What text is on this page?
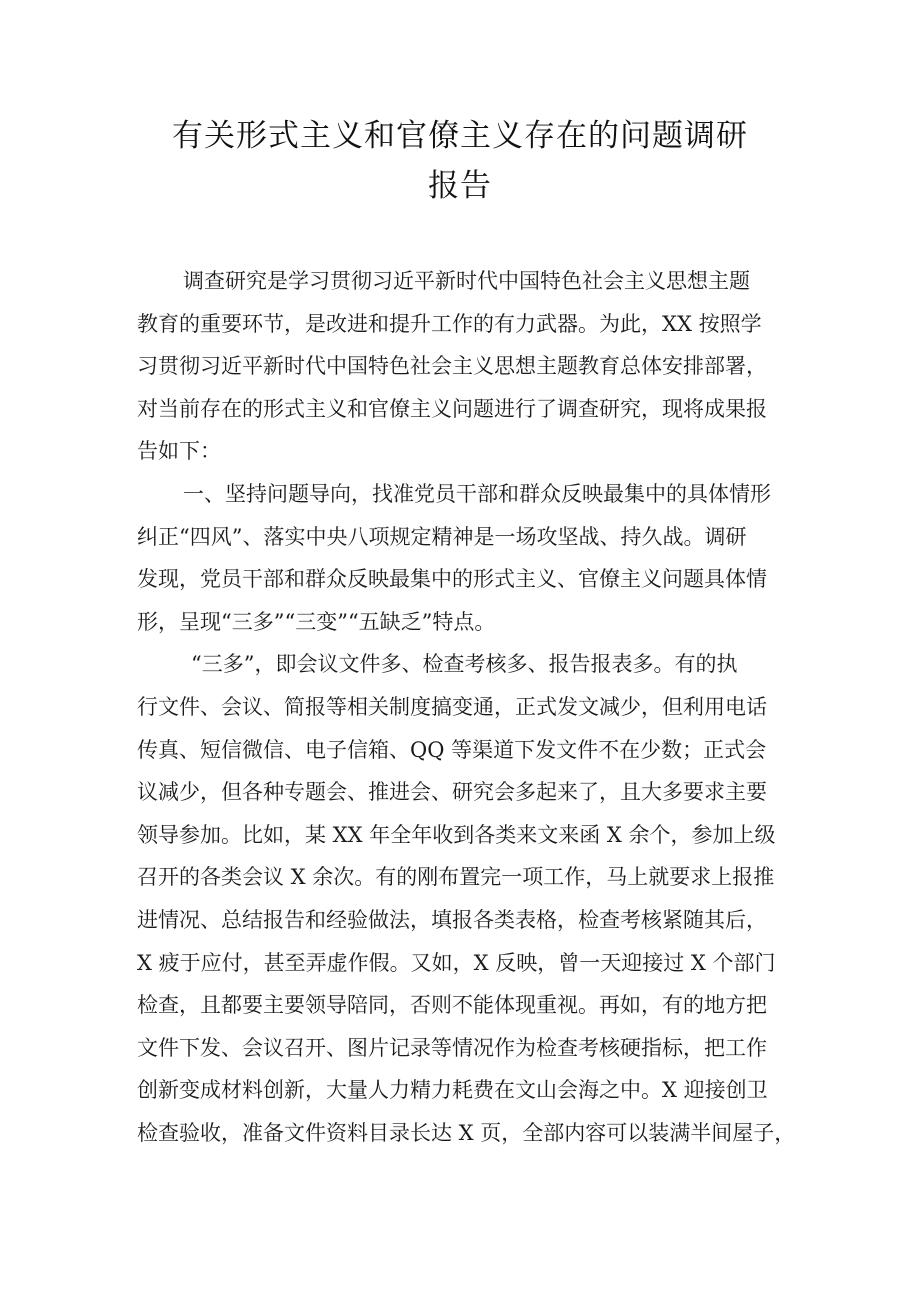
有关形式主义和官僚主义存在的问题调研
报告
调查研究是学习贯彻习近平新时代中国特色社会主义思想主题
教育的重要环节，是改进和提升工作的有力武器。为此，XX 按照学
习贯彻习近平新时代中国特色社会主义思想主题教育总体安排部署，
对当前存在的形式主义和官僚主义问题进行了调查研究，现将成果报
告如下：
一、坚持问题导向，找准党员干部和群众反映最集中的具体情形
纠正“四风”、落实中央八项规定精神是一场攻坚战、持久战。调研
发现，党员干部和群众反映最集中的形式主义、官僚主义问题具体情
形，呈现“三多”“三变”“五缺乏”特点。
“三多”，即会议文件多、检查考核多、报告报表多。有的执
行文件、会议、简报等相关制度搞变通，正式发文减少，但利用电话
传真、短信微信、电子信箱、QQ 等渠道下发文件不在少数；正式会
议减少，但各种专题会、推进会、研究会多起来了，且大多要求主要
领导参加。比如，某 XX 年全年收到各类来文来函 X 余个，参加上级
召开的各类会议 X 余次。有的刚布置完一项工作，马上就要求上报推
进情况、总结报告和经验做法，填报各类表格，检查考核紧随其后，
X 疲于应付，甚至弄虚作假。又如，X 反映，曾一天迎接过 X 个部门
检查，且都要主要领导陪同，否则不能体现重视。再如，有的地方把
文件下发、会议召开、图片记录等情况作为检查考核硬指标，把工作
创新变成材料创新，大量人力精力耗费在文山会海之中。X 迎接创卫
检查验收，准备文件资料目录长达 X 页，全部内容可以装满半间屋子，
